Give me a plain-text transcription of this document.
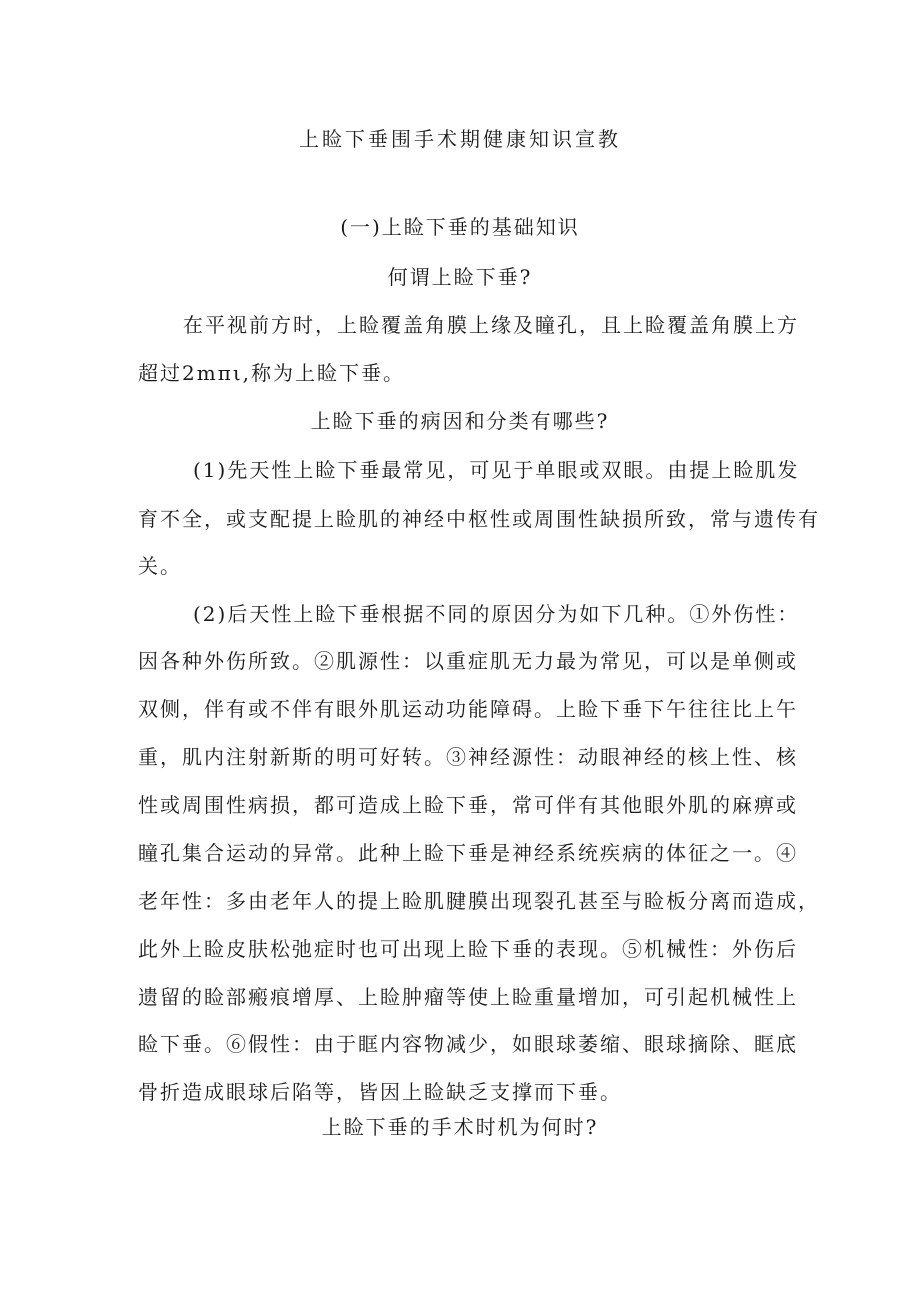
上睑下垂围手术期健康知识宣教

(一)上睑下垂的基础知识

何谓上睑下垂?

在平视前方时，上睑覆盖角膜上缘及瞳孔，且上睑覆盖角膜上方

超过2mπι,称为上睑下垂。

上睑下垂的病因和分类有哪些?

(1)先天性上睑下垂最常见，可见于单眼或双眼。由提上睑肌发

育不全，或支配提上睑肌的神经中枢性或周围性缺损所致，常与遗传有

关。

(2)后天性上睑下垂根据不同的原因分为如下几种。①外伤性：

因各种外伤所致。②肌源性：以重症肌无力最为常见，可以是单侧或

双侧，伴有或不伴有眼外肌运动功能障碍。上睑下垂下午往往比上午

重，肌内注射新斯的明可好转。③神经源性：动眼神经的核上性、核

性或周围性病损，都可造成上睑下垂，常可伴有其他眼外肌的麻痹或

瞳孔集合运动的异常。此种上睑下垂是神经系统疾病的体征之一。④

老年性：多由老年人的提上睑肌腱膜出现裂孔甚至与睑板分离而造成，

此外上睑皮肤松弛症时也可出现上睑下垂的表现。⑤机械性：外伤后

遗留的睑部瘢痕增厚、上睑肿瘤等使上睑重量增加，可引起机械性上

睑下垂。⑥假性：由于眶内容物减少，如眼球萎缩、眼球摘除、眶底

骨折造成眼球后陷等，皆因上睑缺乏支撑而下垂。

上睑下垂的手术时机为何时?
